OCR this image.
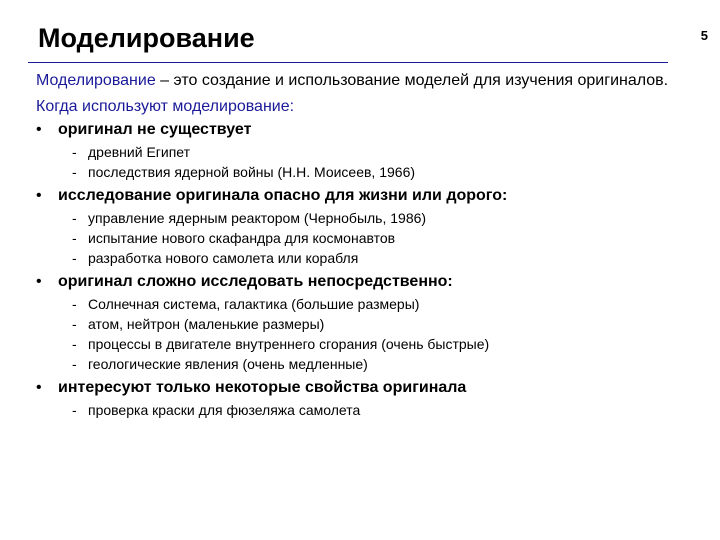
Моделирование	5

Моделирование – это создание и использование моделей для изучения оригиналов.

Когда используют моделирование:

•	оригинал не существует
- древний Египет
- последствия ядерной войны (Н.Н. Моисеев, 1966)
•	исследование оригинала опасно для жизни или дорого:
- управление ядерным реактором (Чернобыль, 1986)
- испытание нового скафандра для космонавтов
- разработка нового самолета или корабля
•	оригинал сложно исследовать непосредственно:
- Солнечная система, галактика (большие размеры)
- атом, нейтрон (маленькие размеры)
- процессы в двигателе внутреннего сгорания (очень быстрые)
- геологические явления (очень медленные)
•	интересуют только некоторые свойства оригинала
- проверка краски для фюзеляжа самолета
